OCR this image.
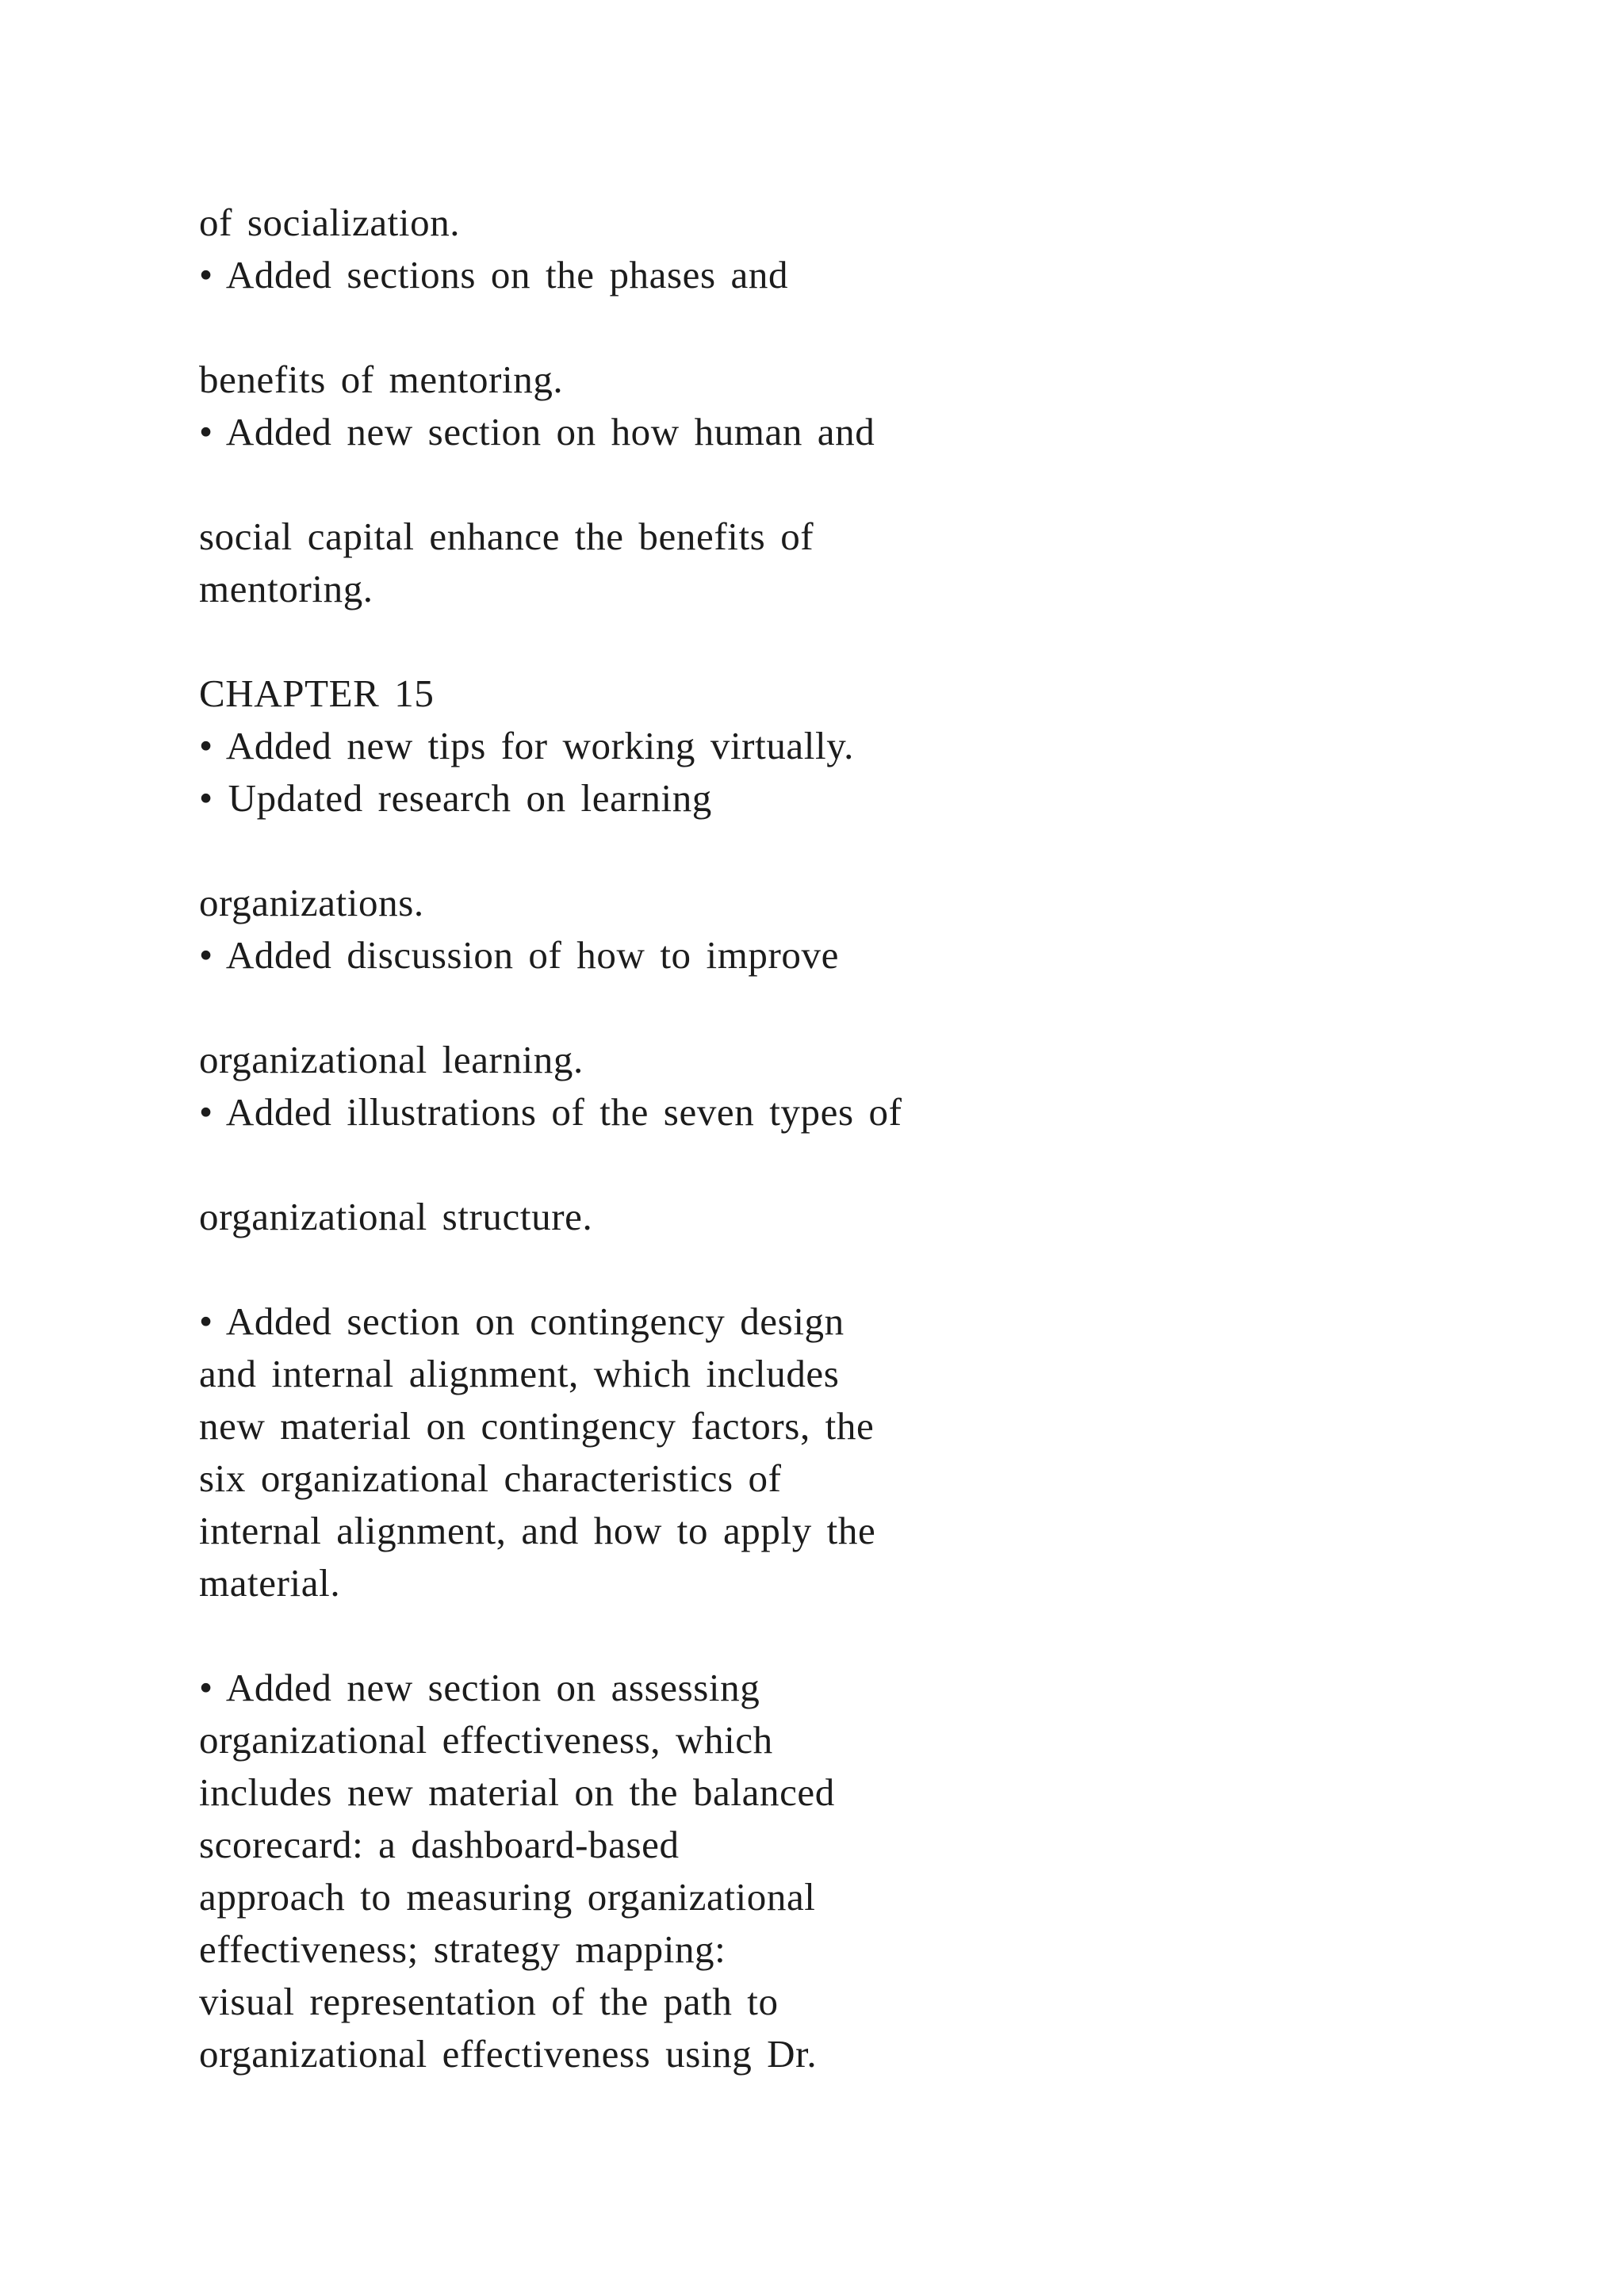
of socialization.
• Added sections on the phases and
benefits of mentoring.
• Added new section on how human and
social capital enhance the benefits of
mentoring.
CHAPTER 15
• Added new tips for working virtually.
• Updated research on learning
organizations.
• Added discussion of how to improve
organizational learning.
• Added illustrations of the seven types of
organizational structure.
• Added section on contingency design
and internal alignment, which includes
new material on contingency factors, the
six organizational characteristics of
internal alignment, and how to apply the
material.
• Added new section on assessing
organizational effectiveness, which
includes new material on the balanced
scorecard: a dashboard-based
approach to measuring organizational
effectiveness; strategy mapping:
visual representation of the path to
organizational effectiveness using Dr.
